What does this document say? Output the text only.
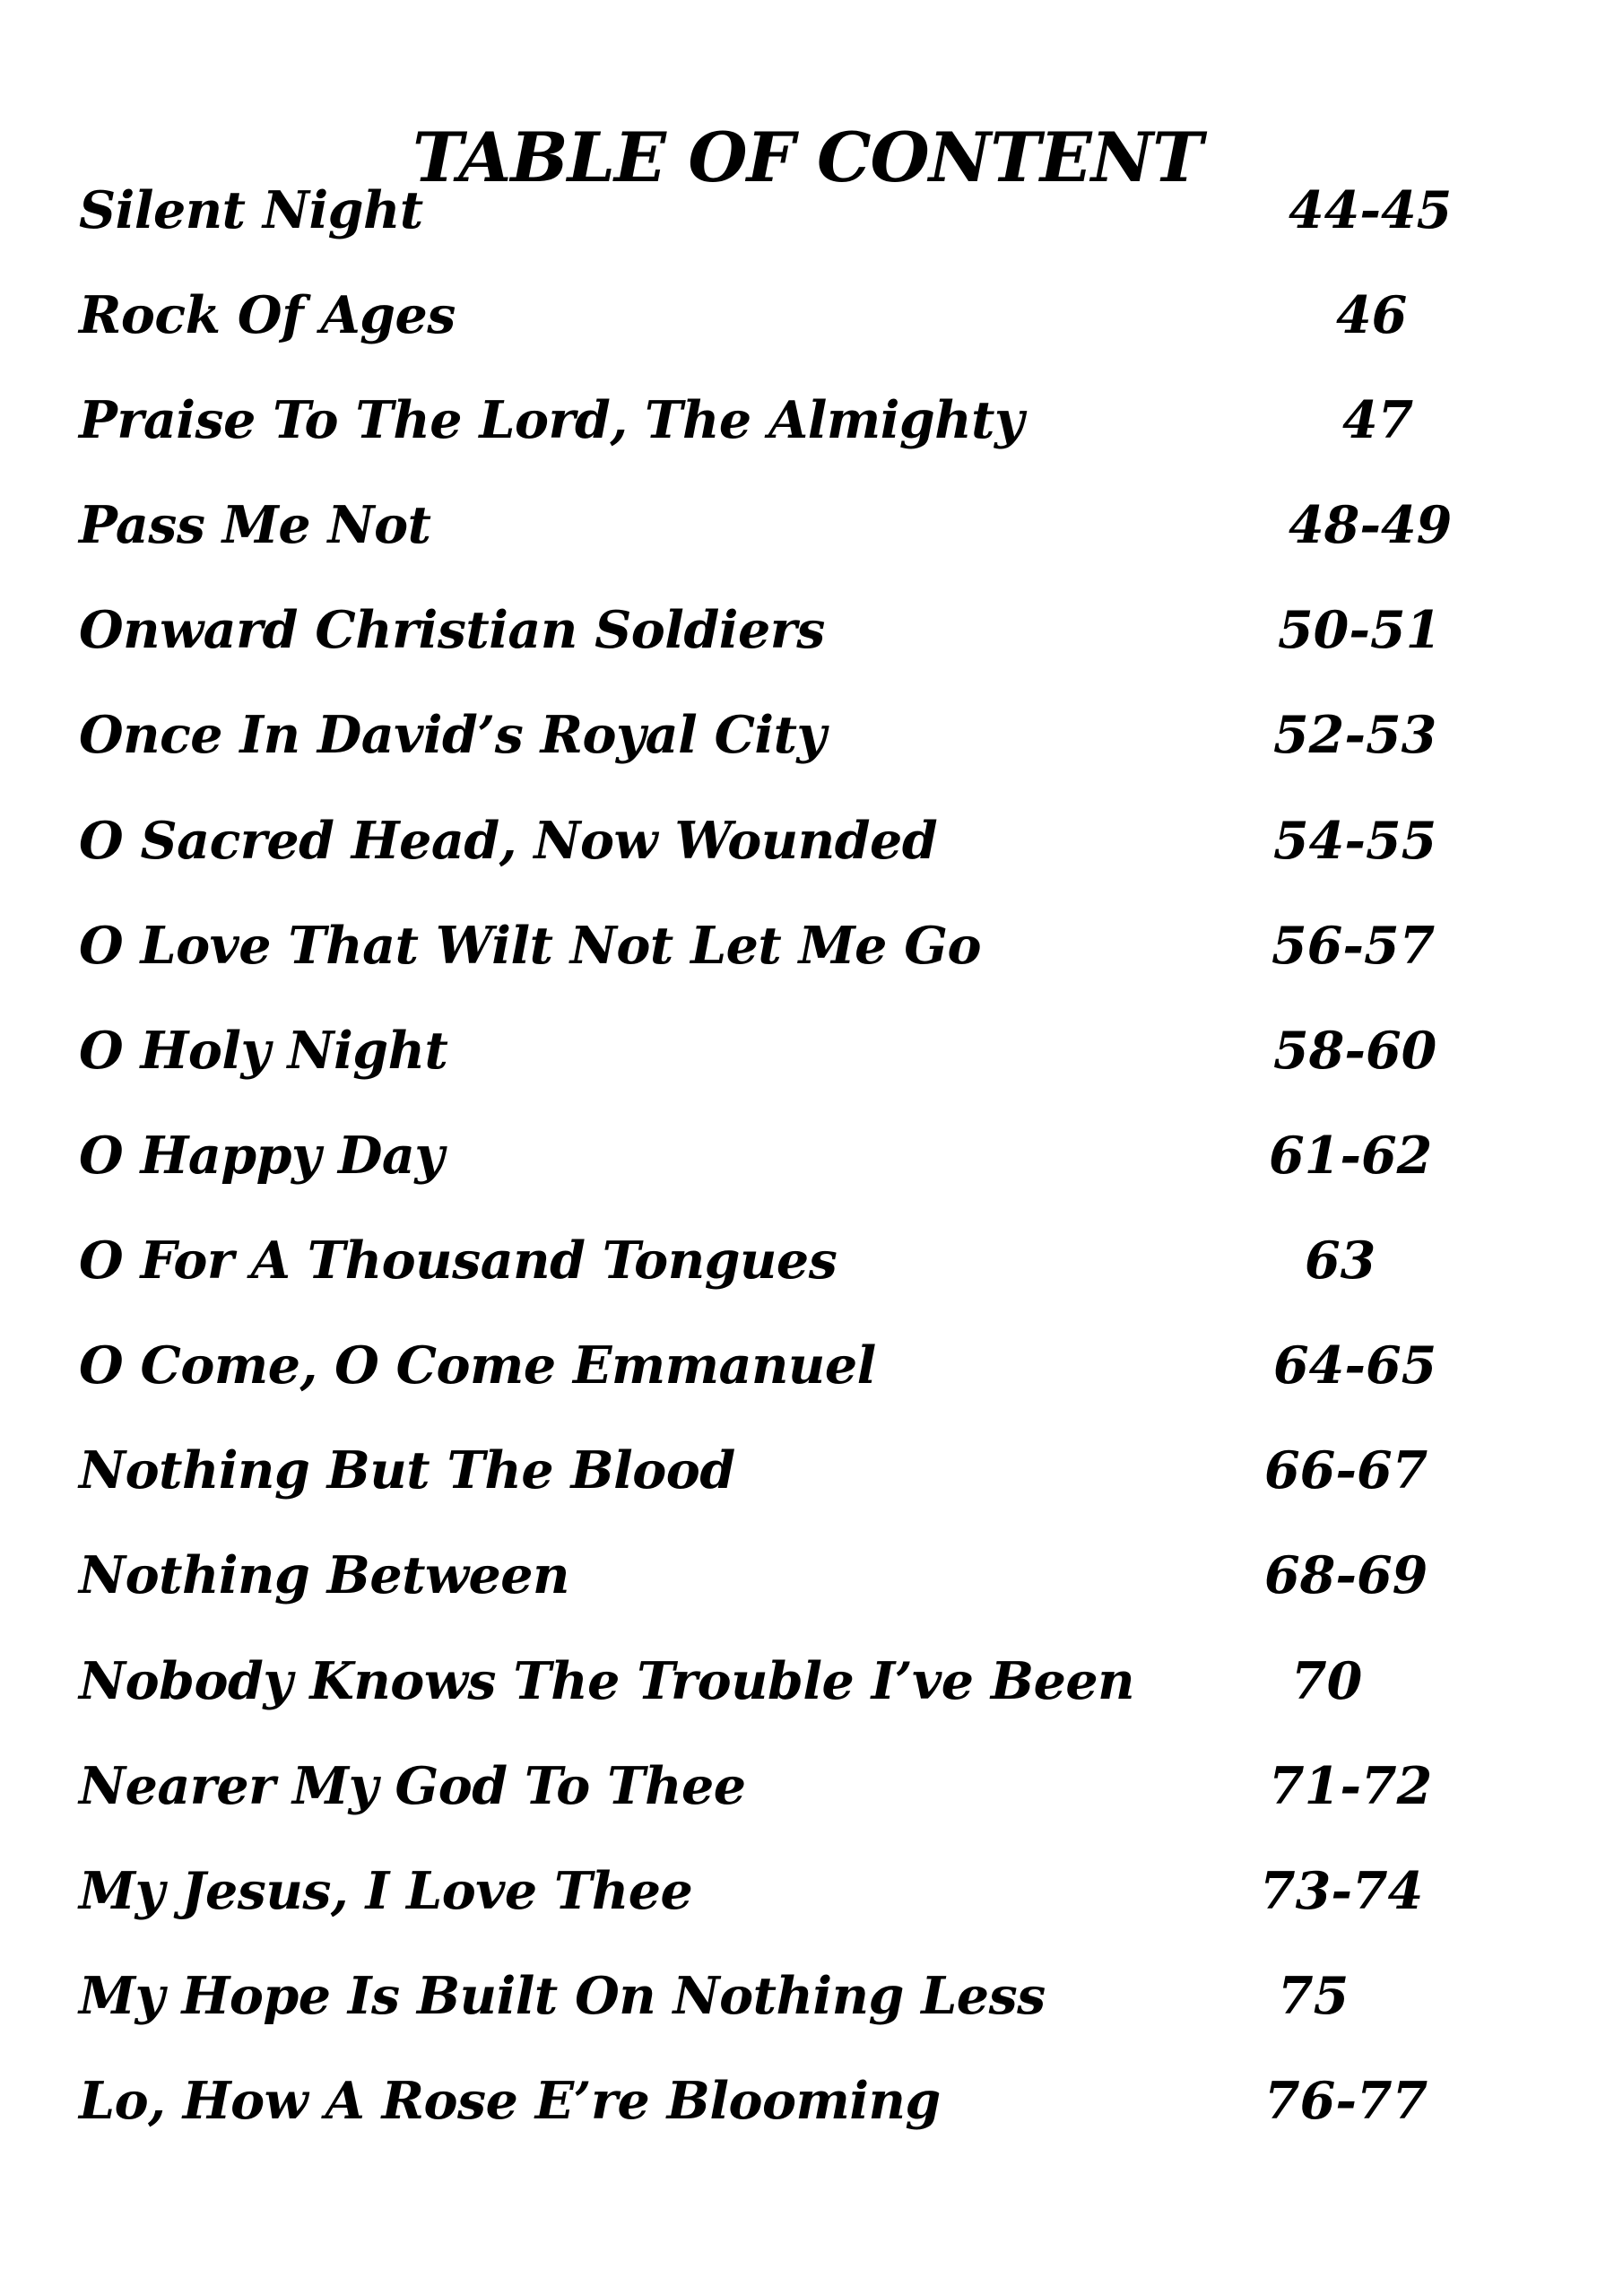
TABLE OF CONTENT
Silent Night	44-45
Rock Of Ages	46
Praise To The Lord, The Almighty	47
Pass Me Not	48-49
Onward Christian Soldiers	50-51
Once In David’s Royal City	52-53
O Sacred Head, Now Wounded	54-55
O Love That Wilt Not Let Me Go	56-57
O Holy Night	58-60
O Happy Day	61-62
O For A Thousand Tongues	63
O Come, O Come Emmanuel	64-65
Nothing But The Blood	66-67
Nothing Between	68-69
Nobody Knows The Trouble I’ve Been	70
Nearer My God To Thee	71-72
My Jesus, I Love Thee	73-74
My Hope Is Built On Nothing Less	75
Lo, How A Rose E’re Blooming	76-77
